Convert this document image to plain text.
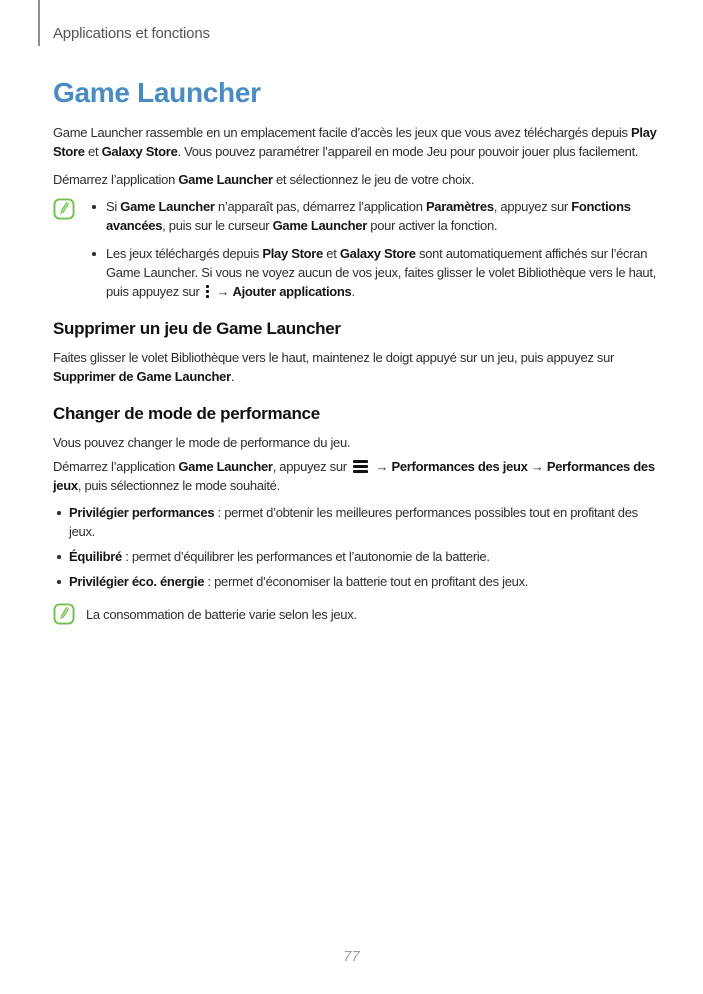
Applications et fonctions
Game Launcher

Game Launcher rassemble en un emplacement facile d’accès les jeux que vous avez téléchargés depuis Play Store et Galaxy Store. Vous pouvez paramétrer l’appareil en mode Jeu pour pouvoir jouer plus facilement.

Démarrez l’application Game Launcher et sélectionnez le jeu de votre choix.

Si Game Launcher n’apparaît pas, démarrez l’application Paramètres, appuyez sur Fonctions avancées, puis sur le curseur Game Launcher pour activer la fonction.
Les jeux téléchargés depuis Play Store et Galaxy Store sont automatiquement affichés sur l’écran Game Launcher. Si vous ne voyez aucun de vos jeux, faites glisser le volet Bibliothèque vers le haut, puis appuyez sur
→ Ajouter applications.
Supprimer un jeu de Game Launcher

Faites glisser le volet Bibliothèque vers le haut, maintenez le doigt appuyé sur un jeu, puis appuyez sur Supprimer de Game Launcher.

Changer de mode de performance

Vous pouvez changer le mode de performance du jeu.

Démarrez l’application Game Launcher, appuyez sur
→ Performances des jeux → Performances des jeux, puis sélectionnez le mode souhaité.

Privilégier performances : permet d’obtenir les meilleures performances possibles tout en profitant des jeux.
Équilibré : permet d’équilibrer les performances et l’autonomie de la batterie.
Privilégier éco. énergie : permet d’économiser la batterie tout en profitant des jeux.
La consommation de batterie varie selon les jeux.
77
